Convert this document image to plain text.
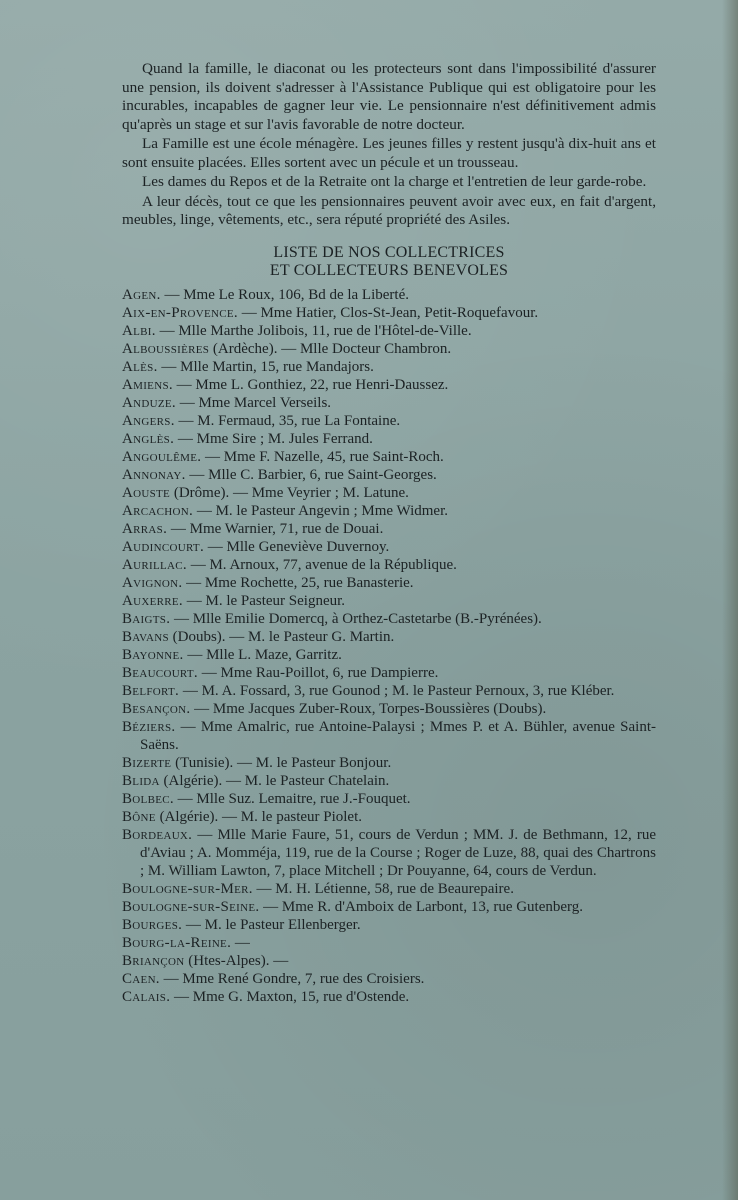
Quand la famille, le diaconat ou les protecteurs sont dans l'impossibilité d'assurer une pension, ils doivent s'adresser à l'Assistance Publique qui est obligatoire pour les incurables, incapables de gagner leur vie. Le pensionnaire n'est définitivement admis qu'après un stage et sur l'avis favorable de notre docteur.

La Famille est une école ménagère. Les jeunes filles y restent jusqu'à dix-huit ans et sont ensuite placées. Elles sortent avec un pécule et un trousseau.

Les dames du Repos et de la Retraite ont la charge et l'entretien de leur garde-robe.

A leur décès, tout ce que les pensionnaires peuvent avoir avec eux, en fait d'argent, meubles, linge, vêtements, etc., sera réputé propriété des Asiles.

LISTE DE NOS COLLECTRICES
ET COLLECTEURS BENEVOLES
Agen. — Mme Le Roux, 106, Bd de la Liberté.
Aix-en-Provence. — Mme Hatier, Clos-St-Jean, Petit-Roquefavour.
Albi. — Mlle Marthe Jolibois, 11, rue de l'Hôtel-de-Ville.
Alboussières (Ardèche). — Mlle Docteur Chambron.
Alès. — Mlle Martin, 15, rue Mandajors.
Amiens. — Mme L. Gonthiez, 22, rue Henri-Daussez.
Anduze. — Mme Marcel Verseils.
Angers. — M. Fermaud, 35, rue La Fontaine.
Anglès. — Mme Sire ; M. Jules Ferrand.
Angoulême. — Mme F. Nazelle, 45, rue Saint-Roch.
Annonay. — Mlle C. Barbier, 6, rue Saint-Georges.
Aouste (Drôme). — Mme Veyrier ; M. Latune.
Arcachon. — M. le Pasteur Angevin ; Mme Widmer.
Arras. — Mme Warnier, 71, rue de Douai.
Audincourt. — Mlle Geneviève Duvernoy.
Aurillac. — M. Arnoux, 77, avenue de la République.
Avignon. — Mme Rochette, 25, rue Banasterie.
Auxerre. — M. le Pasteur Seigneur.
Baigts. — Mlle Emilie Domercq, à Orthez-Castetarbe (B.-Pyrénées).
Bavans (Doubs). — M. le Pasteur G. Martin.
Bayonne. — Mlle L. Maze, Garritz.
Beaucourt. — Mme Rau-Poillot, 6, rue Dampierre.
Belfort. — M. A. Fossard, 3, rue Gounod ; M. le Pasteur Pernoux, 3, rue Kléber.
Besançon. — Mme Jacques Zuber-Roux, Torpes-Boussières (Doubs).
Béziers. — Mme Amalric, rue Antoine-Palaysi ; Mmes P. et A. Bühler, avenue Saint-Saëns.
Bizerte (Tunisie). — M. le Pasteur Bonjour.
Blida (Algérie). — M. le Pasteur Chatelain.
Bolbec. — Mlle Suz. Lemaitre, rue J.-Fouquet.
Bône (Algérie). — M. le pasteur Piolet.
Bordeaux. — Mlle Marie Faure, 51, cours de Verdun ; MM. J. de Bethmann, 12, rue d'Aviau ; A. Momméja, 119, rue de la Course ; Roger de Luze, 88, quai des Chartrons ; M. William Lawton, 7, place Mitchell ; Dr Pouyanne, 64, cours de Verdun.
Boulogne-sur-Mer. — M. H. Létienne, 58, rue de Beaurepaire.
Boulogne-sur-Seine. — Mme R. d'Amboix de Larbont, 13, rue Gutenberg.
Bourges. — M. le Pasteur Ellenberger.
Bourg-la-Reine. —
Briançon (Htes-Alpes). —
Caen. — Mme René Gondre, 7, rue des Croisiers.
Calais. — Mme G. Maxton, 15, rue d'Ostende.
